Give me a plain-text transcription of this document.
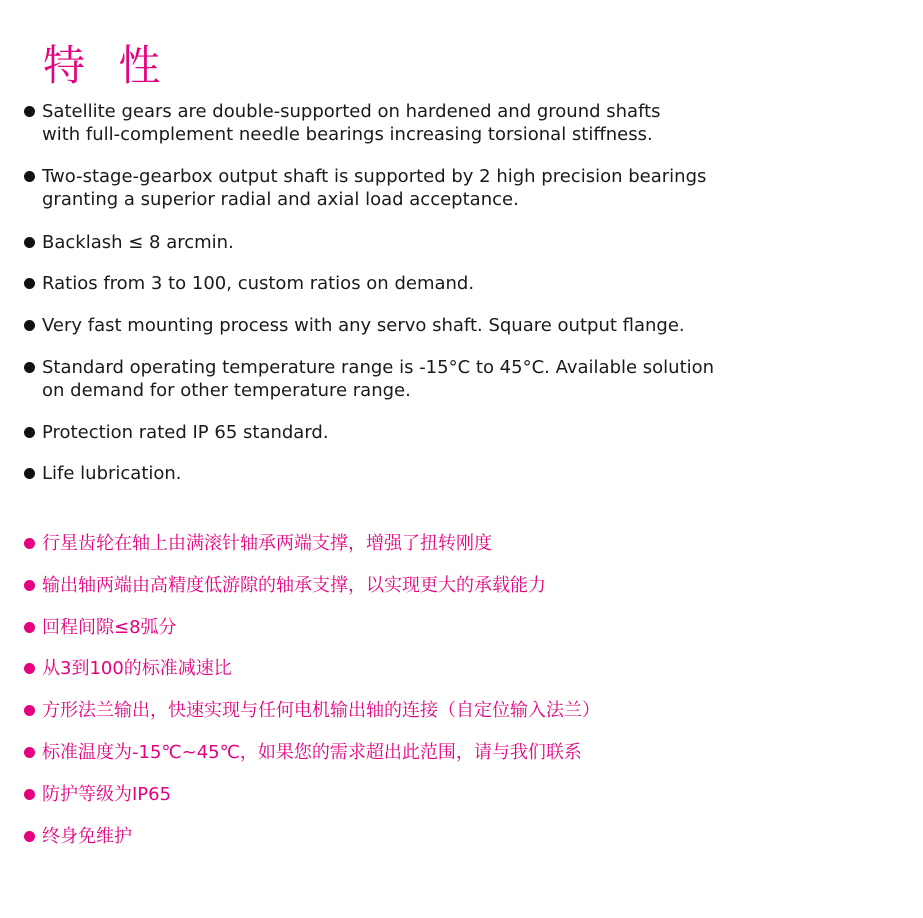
特 性
Satellite gears are double-supported on hardened and ground shafts
with full-complement needle bearings increasing torsional stiffness.
Two-stage-gearbox output shaft is supported by 2 high precision bearings
granting a superior radial and axial load acceptance.
Backlash ≤ 8 arcmin.
Ratios from 3 to 100, custom ratios on demand.
Very fast mounting process with any servo shaft. Square output flange.
Standard operating temperature range is -15°C to 45°C. Available solution
on demand for other temperature range.
Protection rated IP 65 standard.
Life lubrication.
行星齿轮在轴上由满滚针轴承两端支撑，增强了扭转刚度
输出轴两端由高精度低游隙的轴承支撑，以实现更大的承载能力
回程间隙≤8弧分
从3到100的标准减速比
方形法兰输出，快速实现与任何电机输出轴的连接（自定位输入法兰）
标准温度为-15℃~45℃，如果您的需求超出此范围，请与我们联系
防护等级为IP65
终身免维护
